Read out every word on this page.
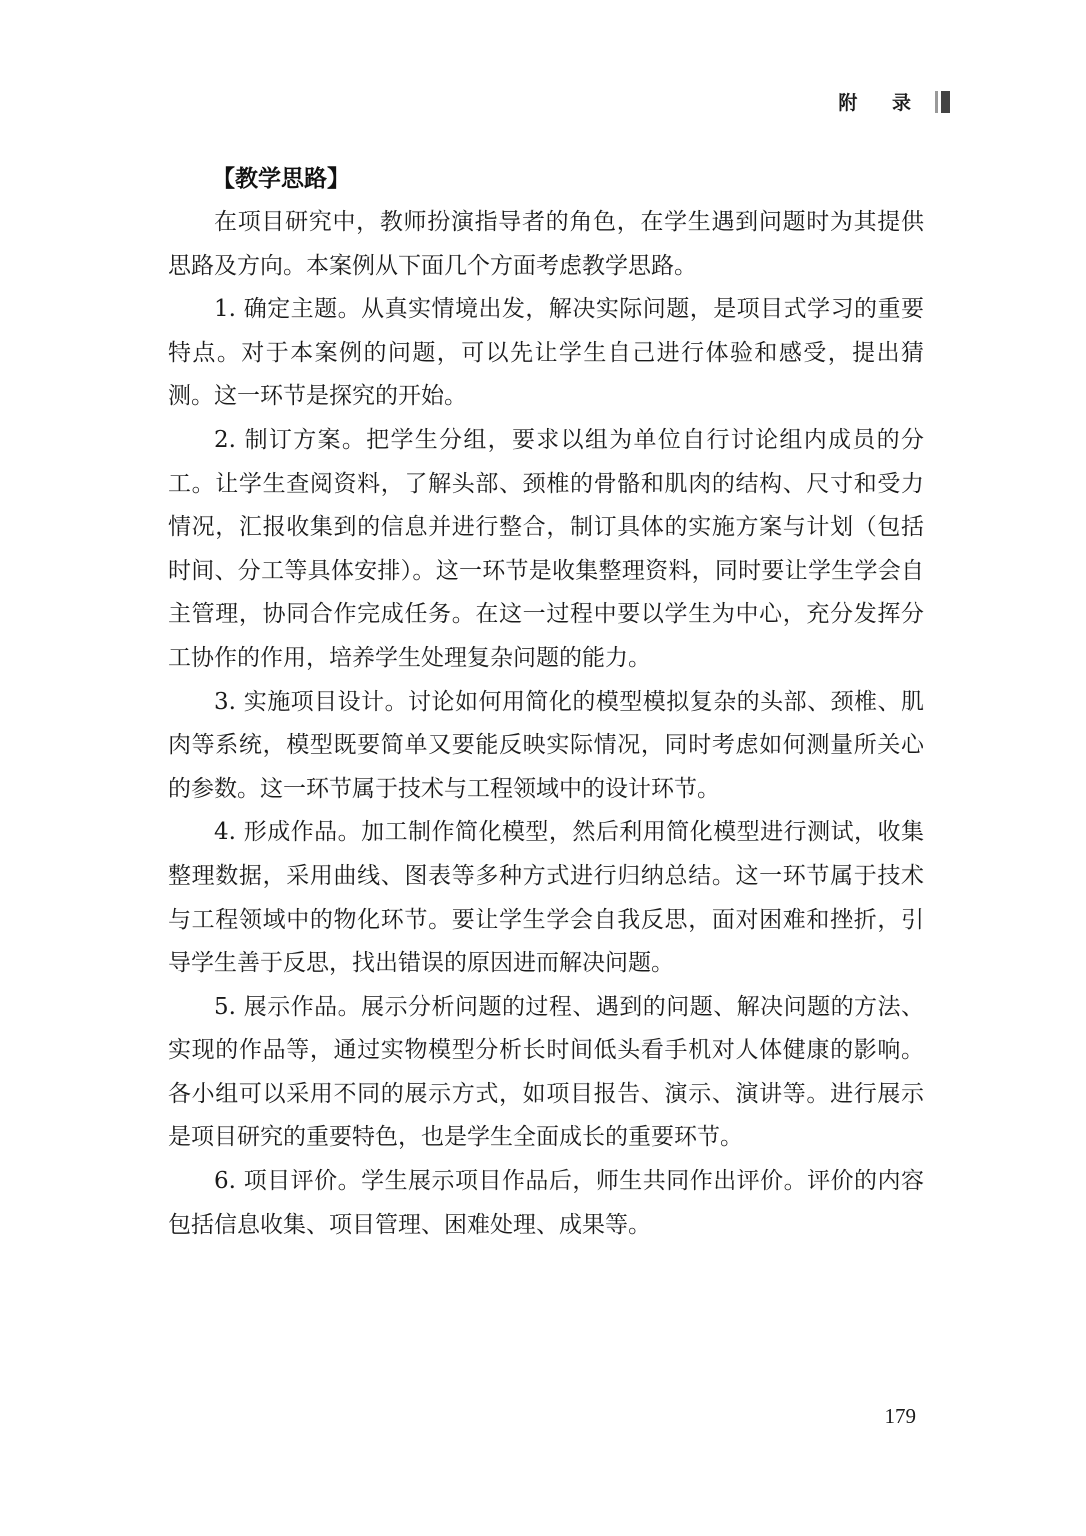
附 录
【教学思路】

在项目研究中，教师扮演指导者的角色，在学生遇到问题时为其提供思路及方向。本案例从下面几个方面考虑教学思路。

1. 确定主题。从真实情境出发，解决实际问题，是项目式学习的重要特点。对于本案例的问题，可以先让学生自己进行体验和感受，提出猜测。这一环节是探究的开始。

2. 制订方案。把学生分组，要求以组为单位自行讨论组内成员的分工。让学生查阅资料，了解头部、颈椎的骨骼和肌肉的结构、尺寸和受力情况，汇报收集到的信息并进行整合，制订具体的实施方案与计划（包括时间、分工等具体安排）。这一环节是收集整理资料，同时要让学生学会自主管理，协同合作完成任务。在这一过程中要以学生为中心，充分发挥分工协作的作用，培养学生处理复杂问题的能力。

3. 实施项目设计。讨论如何用简化的模型模拟复杂的头部、颈椎、肌肉等系统，模型既要简单又要能反映实际情况，同时考虑如何测量所关心的参数。这一环节属于技术与工程领域中的设计环节。

4. 形成作品。加工制作简化模型，然后利用简化模型进行测试，收集整理数据，采用曲线、图表等多种方式进行归纳总结。这一环节属于技术与工程领域中的物化环节。要让学生学会自我反思，面对困难和挫折，引导学生善于反思，找出错误的原因进而解决问题。

5. 展示作品。展示分析问题的过程、遇到的问题、解决问题的方法、实现的作品等，通过实物模型分析长时间低头看手机对人体健康的影响。各小组可以采用不同的展示方式，如项目报告、演示、演讲等。进行展示是项目研究的重要特色，也是学生全面成长的重要环节。

6. 项目评价。学生展示项目作品后，师生共同作出评价。评价的内容包括信息收集、项目管理、困难处理、成果等。

179
